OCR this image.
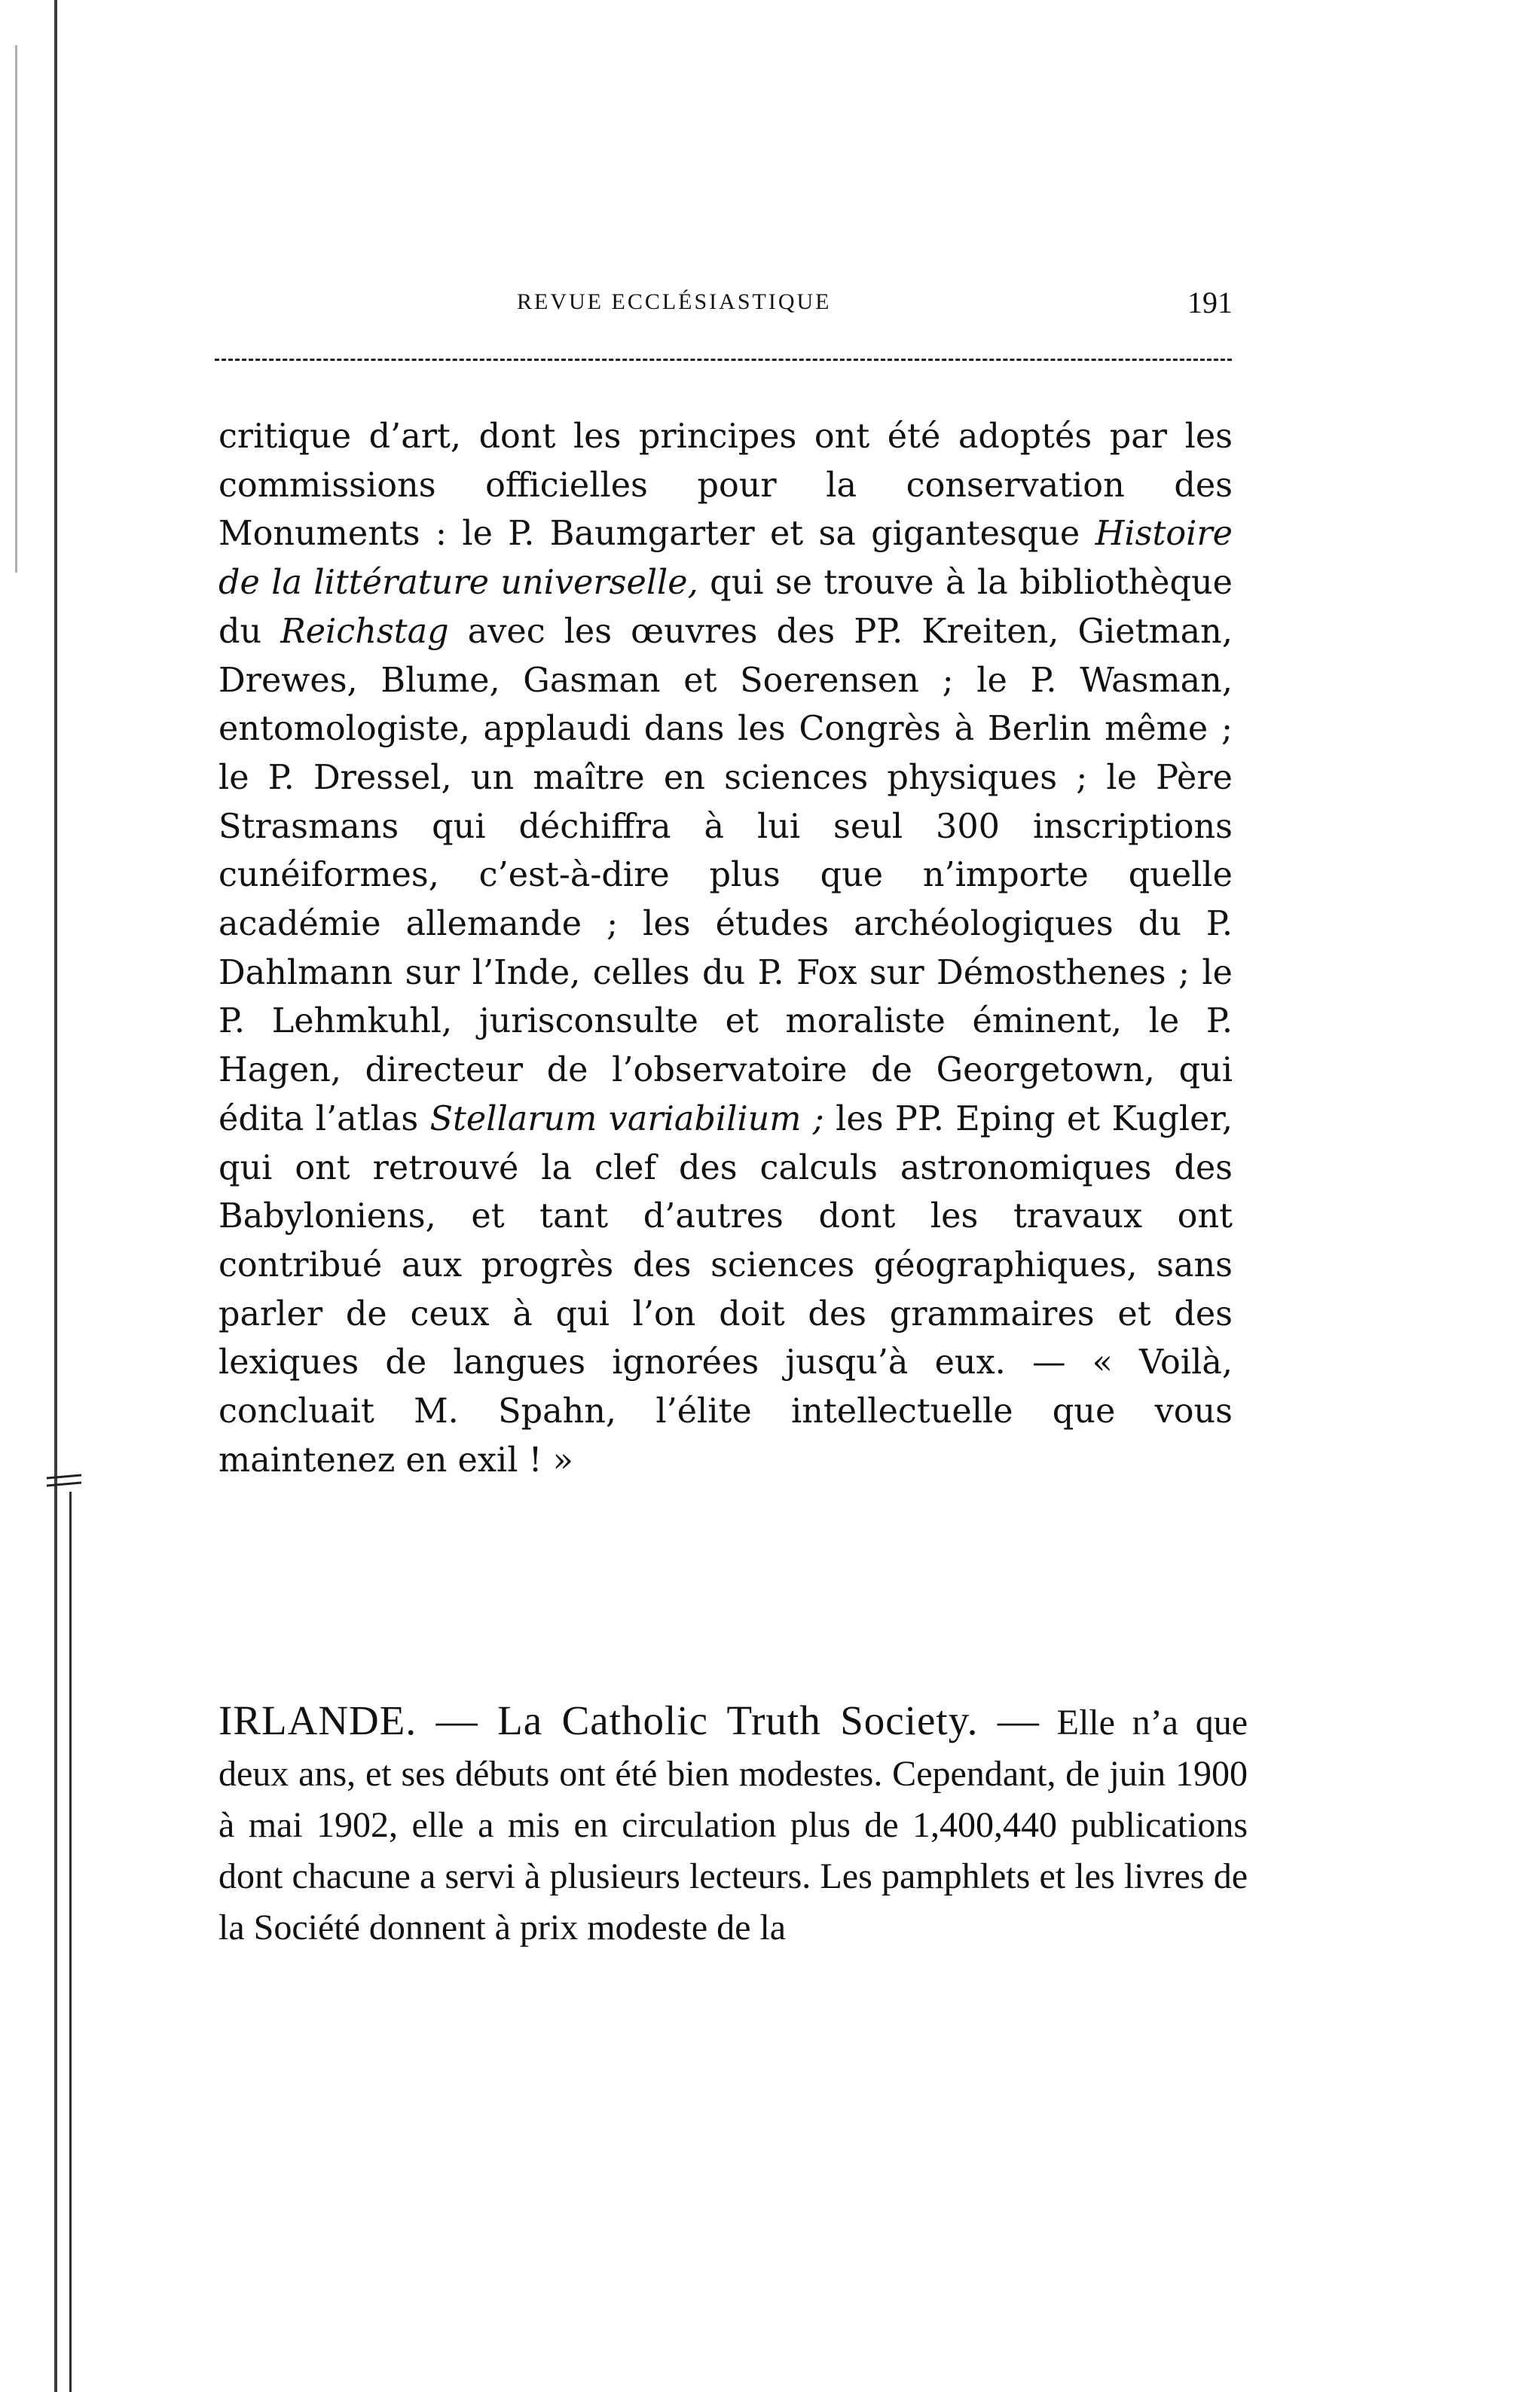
REVUE ECCLÉSIASTIQUE	191

critique d’art, dont les principes ont été adoptés par les commissions officielles pour la conservation des Monuments : le P. Baumgarter et sa gigantesque Histoire de la littérature universelle, qui se trouve à la bibliothèque du Reichstag avec les œuvres des PP. Kreiten, Gietman, Drewes, Blume, Gasman et Soerensen ; le P. Wasman, entomologiste, applaudi dans les Congrès à Berlin même ; le P. Dressel, un maître en sciences physiques ; le Père Strasmans qui déchiffra à lui seul 300 inscriptions cunéiformes, c’est-à-dire plus que n’importe quelle académie allemande ; les études archéologiques du P. Dahlmann sur l’Inde, celles du P. Fox sur Démosthenes ; le P. Lehmkuhl, jurisconsulte et moraliste éminent, le P. Hagen, directeur de l’observatoire de Georgetown, qui édita l’atlas Stellarum variabilium ; les PP. Eping et Kugler, qui ont retrouvé la clef des calculs astronomiques des Babyloniens, et tant d’autres dont les travaux ont contribué aux progrès des sciences géographiques, sans parler de ceux à qui l’on doit des grammaires et des lexiques de langues ignorées jusqu’à eux. — « Voilà, concluait M. Spahn, l’élite intellectuelle que vous maintenez en exil ! »

IRLANDE. — La Catholic Truth Society. — Elle n’a que deux ans, et ses débuts ont été bien modestes. Cependant, de juin 1900 à mai 1902, elle a mis en circulation plus de 1,400,440 publications dont chacune a servi à plusieurs lecteurs. Les pamphlets et les livres de la Société donnent à prix modeste de la
